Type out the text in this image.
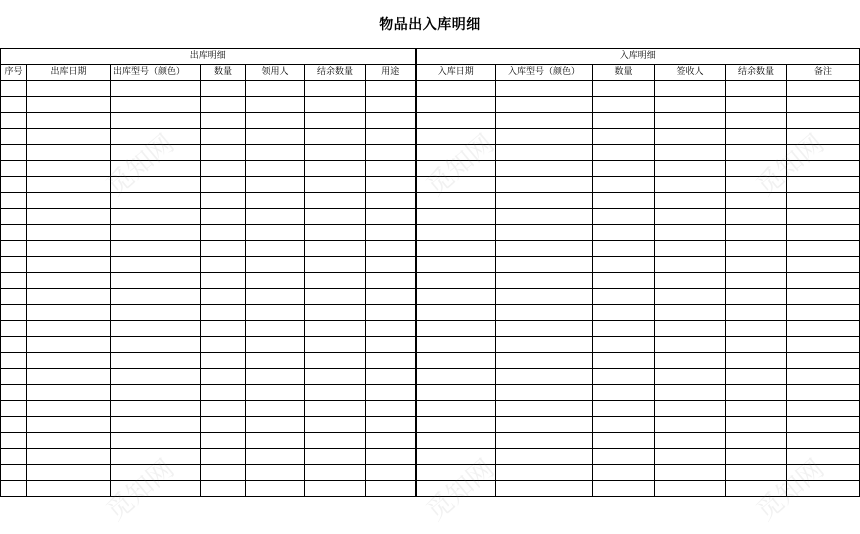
物品出入库明细
出库明细							入库明细					
序号	出库日期	出库型号（颜色）	数量	领用人	结余数量	用途	入库日期	入库型号（颜色）	数量	签收人	结余数量	备注

觅知网	觅知网	觅知网
觅知网	觅知网	觅知网
